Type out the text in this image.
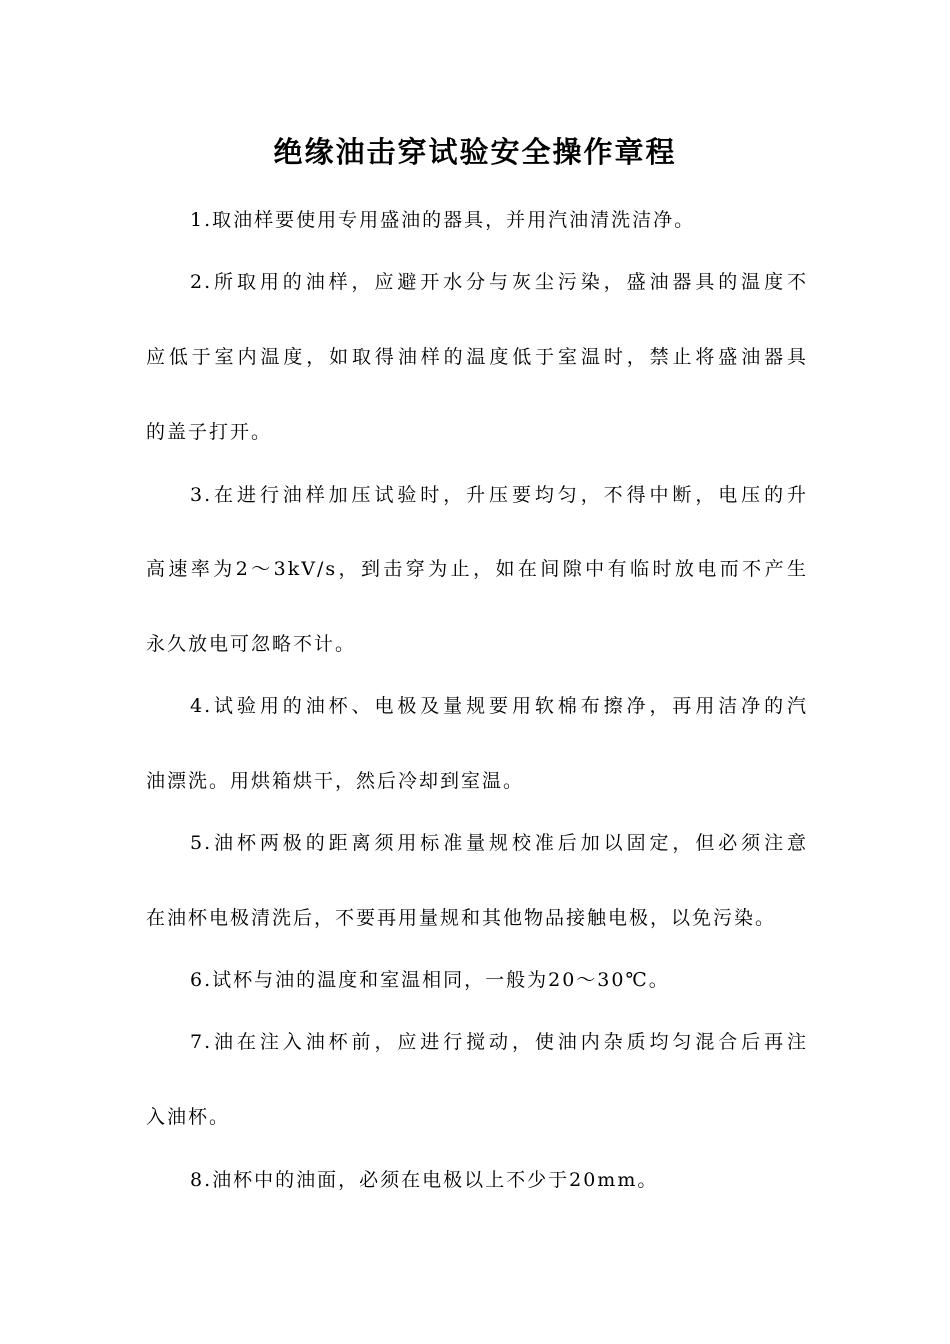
绝缘油击穿试验安全操作章程
1.取油样要使用专用盛油的器具，并用汽油清洗洁净。
2.所取用的油样，应避开水分与灰尘污染，盛油器具的温度不
应低于室内温度，如取得油样的温度低于室温时，禁止将盛油器具
的盖子打开。
3.在进行油样加压试验时，升压要均匀，不得中断，电压的升
高速率为2～3kV/s，到击穿为止，如在间隙中有临时放电而不产生
永久放电可忽略不计。
4.试验用的油杯、电极及量规要用软棉布擦净，再用洁净的汽
油漂洗。用烘箱烘干，然后冷却到室温。
5.油杯两极的距离须用标准量规校准后加以固定，但必须注意
在油杯电极清洗后，不要再用量规和其他物品接触电极，以免污染。
6.试杯与油的温度和室温相同，一般为20～30℃。
7.油在注入油杯前，应进行搅动，使油内杂质均匀混合后再注
入油杯。
8.油杯中的油面，必须在电极以上不少于20mm。
